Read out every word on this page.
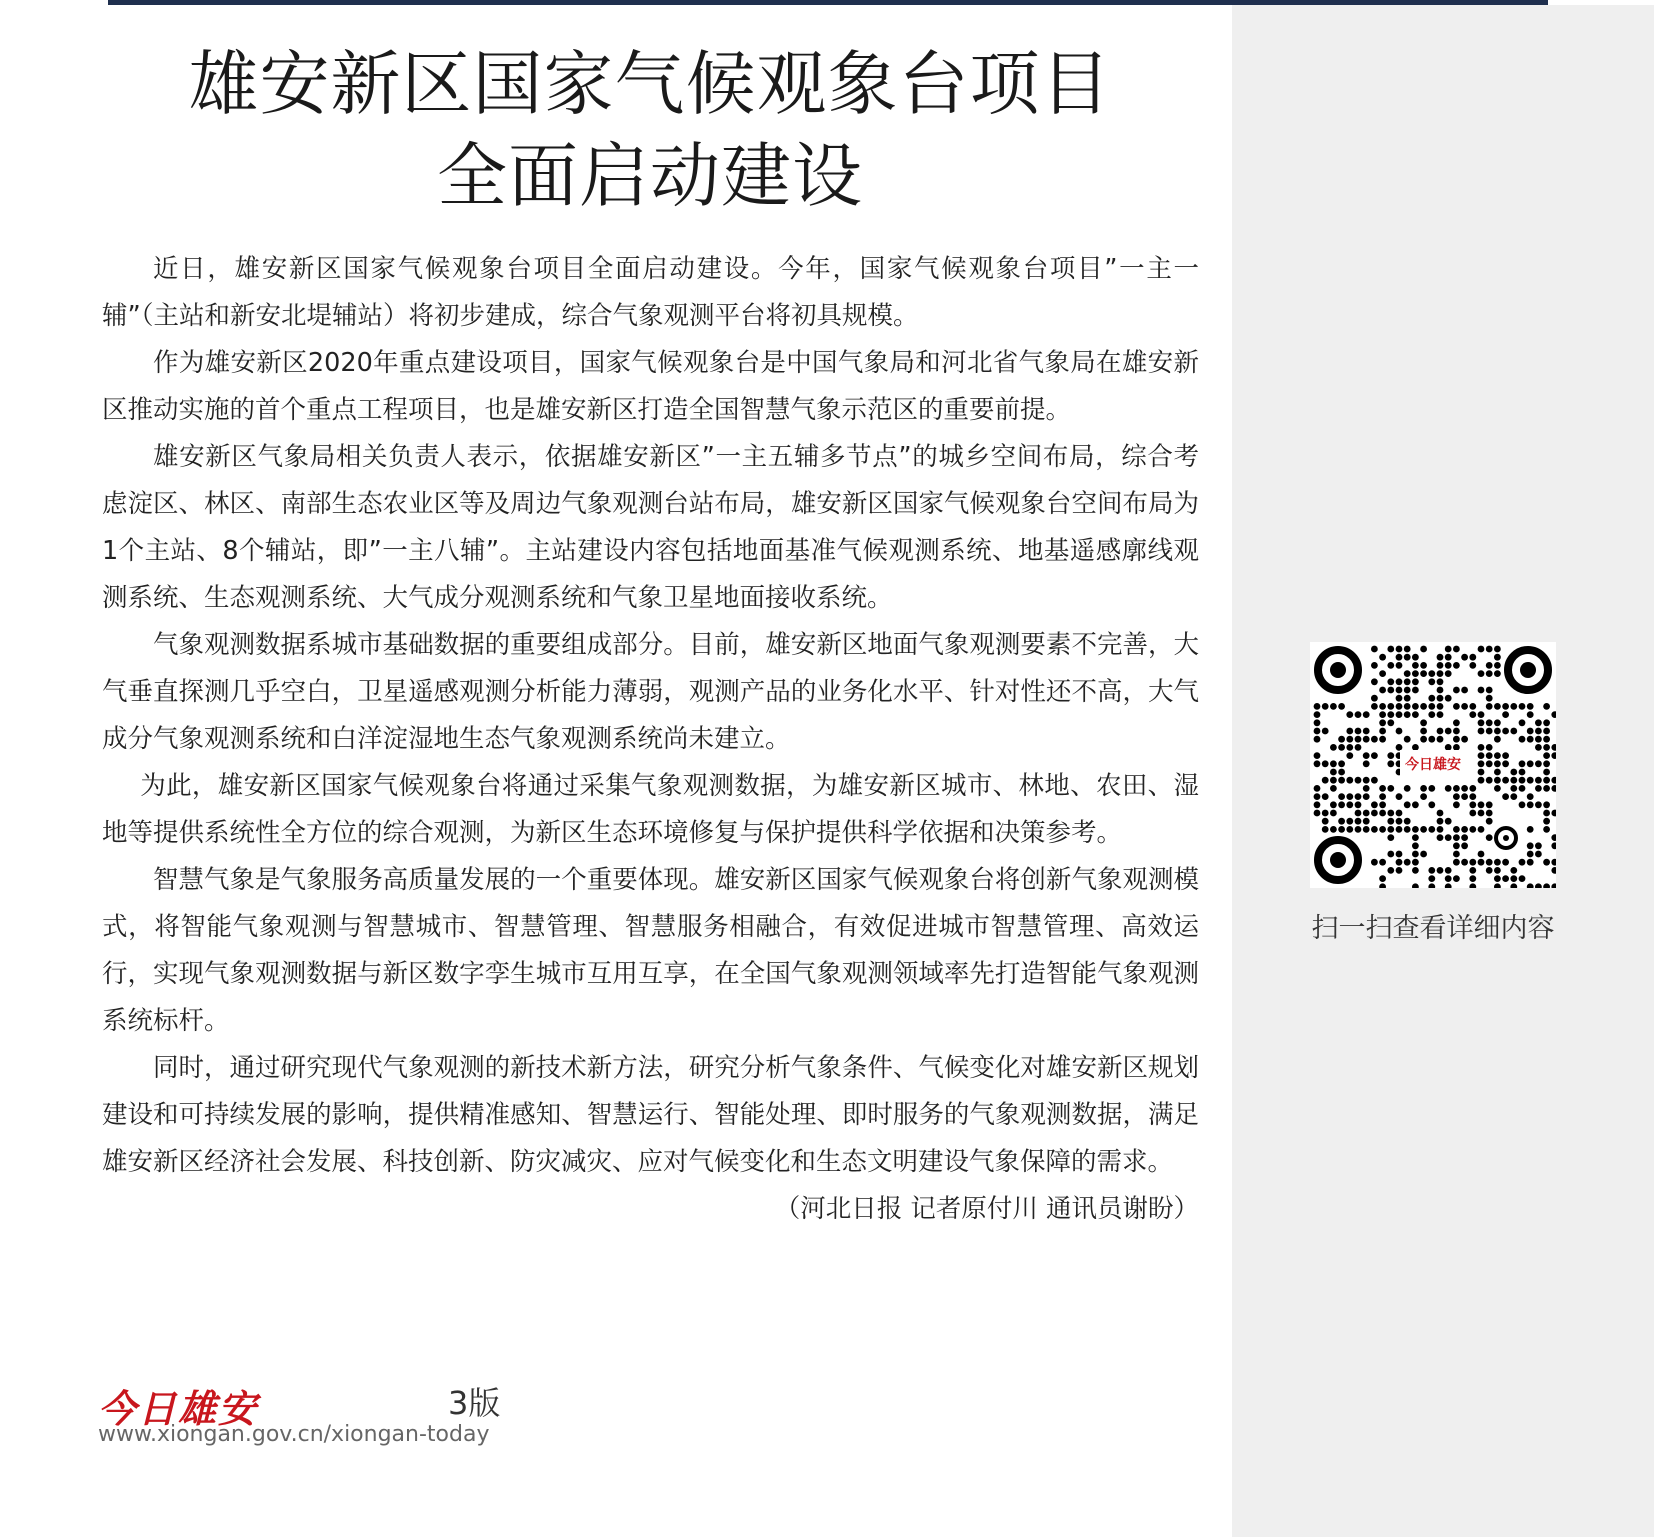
雄安新区国家气候观象台项目
全面启动建设

近日，雄安新区国家气候观象台项目全面启动建设。今年，国家气候观象台项目”一主一辅”（主站和新安北堤辅站）将初步建成，综合气象观测平台将初具规模。

作为雄安新区2020年重点建设项目，国家气候观象台是中国气象局和河北省气象局在雄安新区推动实施的首个重点工程项目，也是雄安新区打造全国智慧气象示范区的重要前提。

雄安新区气象局相关负责人表示，依据雄安新区”一主五辅多节点”的城乡空间布局，综合考虑淀区、林区、南部生态农业区等及周边气象观测台站布局，雄安新区国家气候观象台空间布局为1个主站、8个辅站，即”一主八辅”。主站建设内容包括地面基准气候观测系统、地基遥感廓线观测系统、生态观测系统、大气成分观测系统和气象卫星地面接收系统。

气象观测数据系城市基础数据的重要组成部分。目前，雄安新区地面气象观测要素不完善，大气垂直探测几乎空白，卫星遥感观测分析能力薄弱，观测产品的业务化水平、针对性还不高，大气成分气象观测系统和白洋淀湿地生态气象观测系统尚未建立。

为此，雄安新区国家气候观象台将通过采集气象观测数据，为雄安新区城市、林地、农田、湿地等提供系统性全方位的综合观测，为新区生态环境修复与保护提供科学依据和决策参考。

智慧气象是气象服务高质量发展的一个重要体现。雄安新区国家气候观象台将创新气象观测模式，将智能气象观测与智慧城市、智慧管理、智慧服务相融合，有效促进城市智慧管理、高效运行，实现气象观测数据与新区数字孪生城市互用互享，在全国气象观测领域率先打造智能气象观测系统标杆。

同时，通过研究现代气象观测的新技术新方法，研究分析气象条件、气候变化对雄安新区规划建设和可持续发展的影响，提供精准感知、智慧运行、智能处理、即时服务的气象观测数据，满足雄安新区经济社会发展、科技创新、防灾减灾、应对气候变化和生态文明建设气象保障的需求。
（河北日报 记者原付川 通讯员谢盼）

今日雄安	3版
www.xiongan.gov.cn/xiongan-today
今日雄安
扫一扫查看详细内容
